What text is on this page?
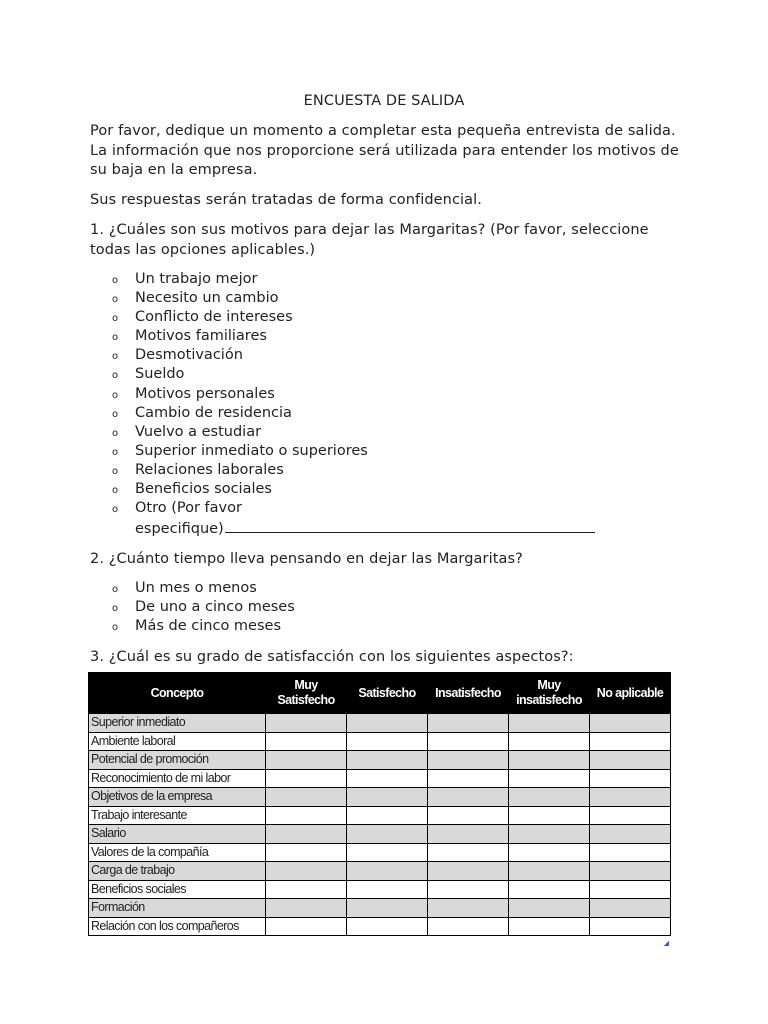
ENCUESTA DE SALIDA
Por favor, dedique un momento a completar esta pequeña entrevista de salida. La información que nos proporcione será utilizada para entender los motivos de su baja en la empresa.
Sus respuestas serán tratadas de forma confidencial.
1. ¿Cuáles son sus motivos para dejar las Margaritas? (Por favor, seleccione todas las opciones aplicables.)
o Un trabajo mejor
o Necesito un cambio
o Conflicto de intereses
o Motivos familiares
o Desmotivación
o Sueldo
o Motivos personales
o Cambio de residencia
o Vuelvo a estudiar
o Superior inmediato o superiores
o Relaciones laborales
o Beneficios sociales
o Otro (Por favor
especifique)
2. ¿Cuánto tiempo lleva pensando en dejar las Margaritas?
o Un mes o menos
o De uno a cinco meses
o Más de cinco meses
3. ¿Cuál es su grado de satisfacción con los siguientes aspectos?:
Concepto	Muy Satisfecho	Satisfecho	Insatisfecho	Muy insatisfecho	No aplicable
Superior inmediato					
Ambiente laboral					
Potencial de promoción					
Reconocimiento de mi labor					
Objetivos de la empresa					
Trabajo interesante					
Salario					
Valores de la compañía					
Carga de trabajo					
Beneficios sociales					
Formación					
Relación con los compañeros					
